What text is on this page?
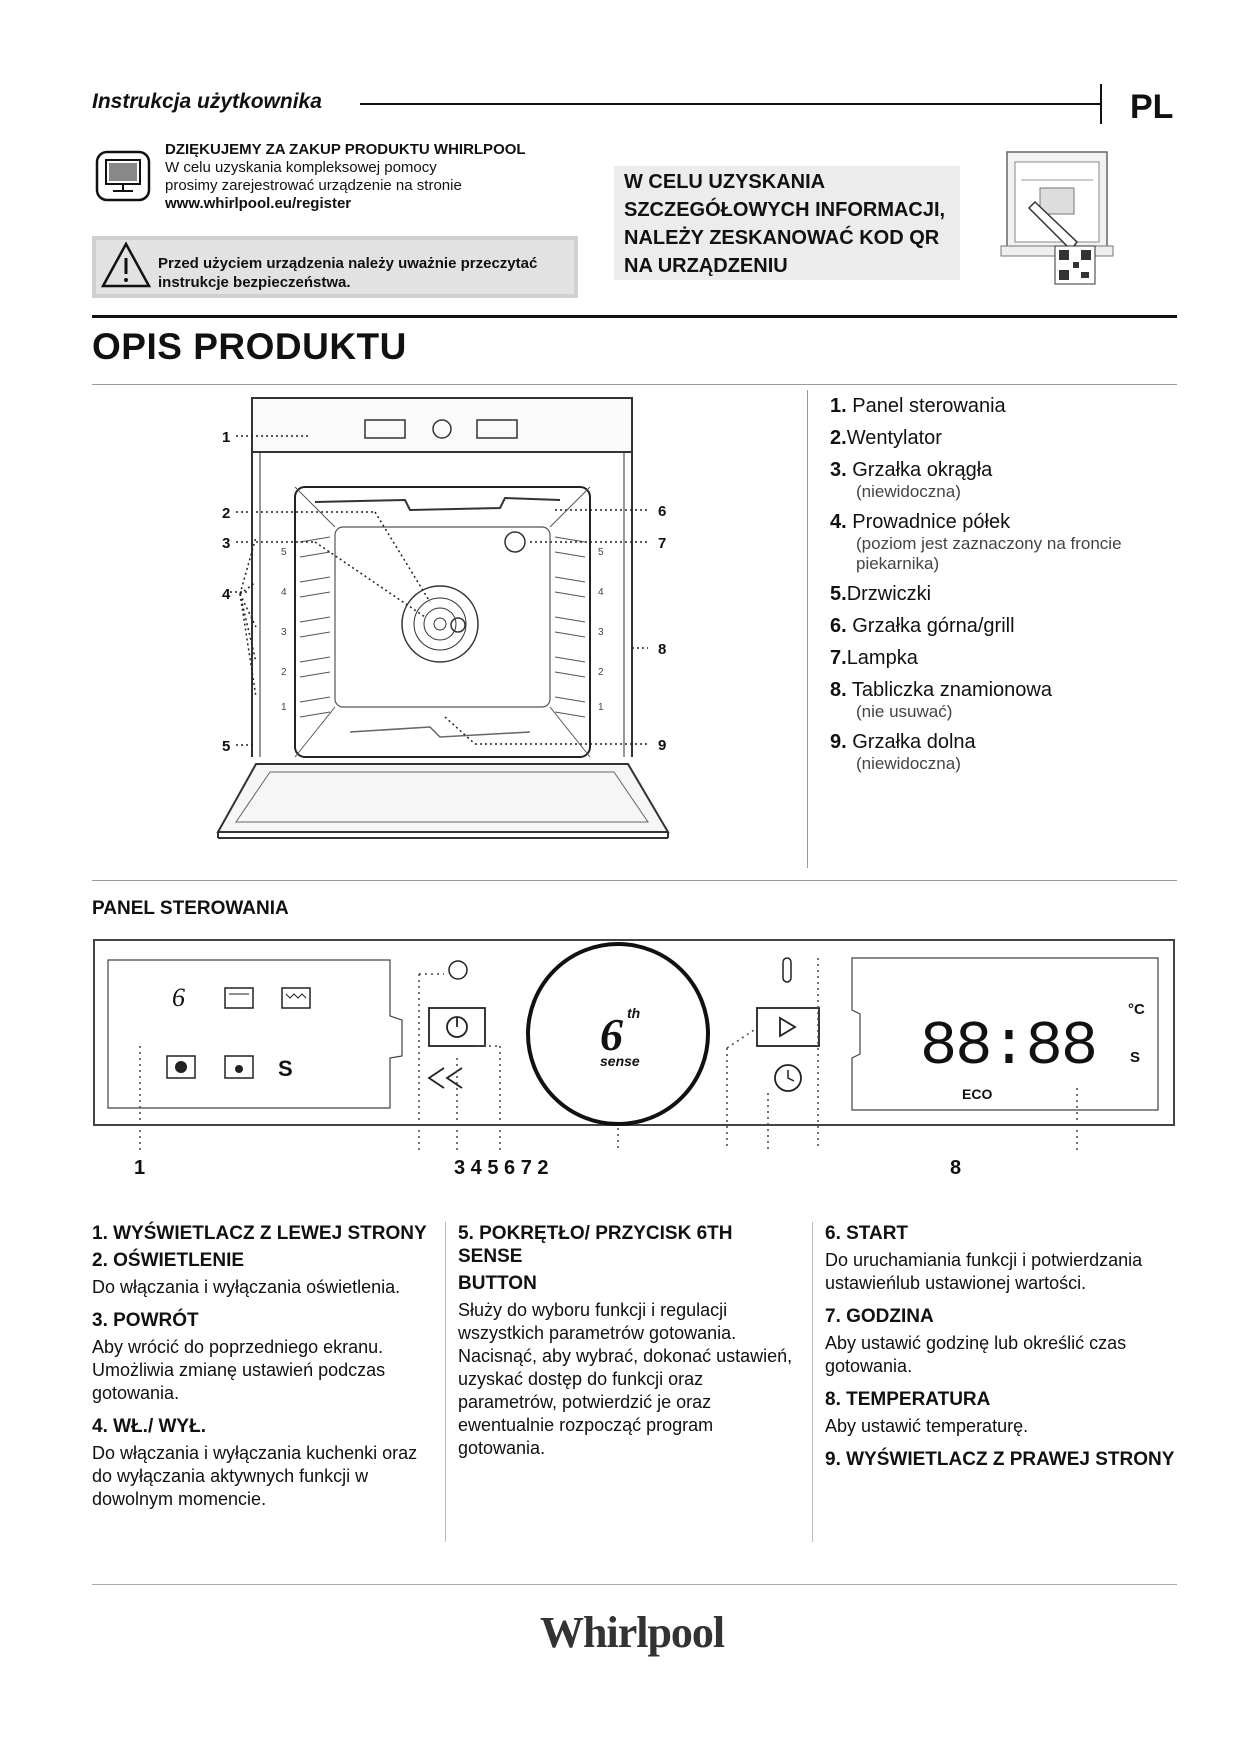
Instrukcja użytkownika	PL
DZIĘKUJEMY ZA ZAKUP PRODUKTU WHIRLPOOL
W celu uzyskania kompleksowej pomocy
prosimy zarejestrować urządzenie na stronie
www.whirlpool.eu/register
Przed użyciem urządzenia należy uważnie przeczytać instrukcje bezpieczeństwa.
W CELU UZYSKANIA SZCZEGÓŁOWYCH INFORMACJI, NALEŻY ZESKANOWAĆ KOD QR NA URZĄDZENIU
OPIS PRODUKTU
1
2
3
4
5
6
7
8
9
5
4
3
2
1
5
4
3
2
1
1. Panel sterowania
2.Wentylator
3. Grzałka okrągła
(niewidoczna)
4. Prowadnice półek
(poziom jest zaznaczony na froncie piekarnika)
5.Drzwiczki
6. Grzałka górna/grill
7.Lampka
8. Tabliczka znamionowa
(nie usuwać)
9. Grzałka dolna
(niewidoczna)
PANEL STEROWANIA
6
S
6 th
sense	88:88
ECO
°C
S
1	3 4 5 6 7 2	8
1. WYŚWIETLACZ Z LEWEJ STRONY
2. OŚWIETLENIE

Do włączania i wyłączania oświetlenia.

3. POWRÓT

Aby wrócić do poprzedniego ekranu. Umożliwia zmianę ustawień podczas gotowania.

4. WŁ./ WYŁ.

Do włączania i wyłączania kuchenki oraz do wyłączania aktywnych funkcji w dowolnym momencie.

5. POKRĘTŁO/ PRZYCISK 6TH SENSE
BUTTON

Służy do wyboru funkcji i regulacji wszystkich parametrów gotowania. Nacisnąć, aby wybrać, dokonać ustawień, uzyskać dostęp do funkcji oraz parametrów, potwierdzić je oraz ewentualnie rozpocząć program gotowania.

6. START

Do uruchamiania funkcji i potwierdzania ustawieńlub ustawionej wartości.

7. GODZINA

Aby ustawić godzinę lub określić czas gotowania.

8. TEMPERATURA

Aby ustawić temperaturę.

9. WYŚWIETLACZ Z PRAWEJ STRONY
Whirlpool
